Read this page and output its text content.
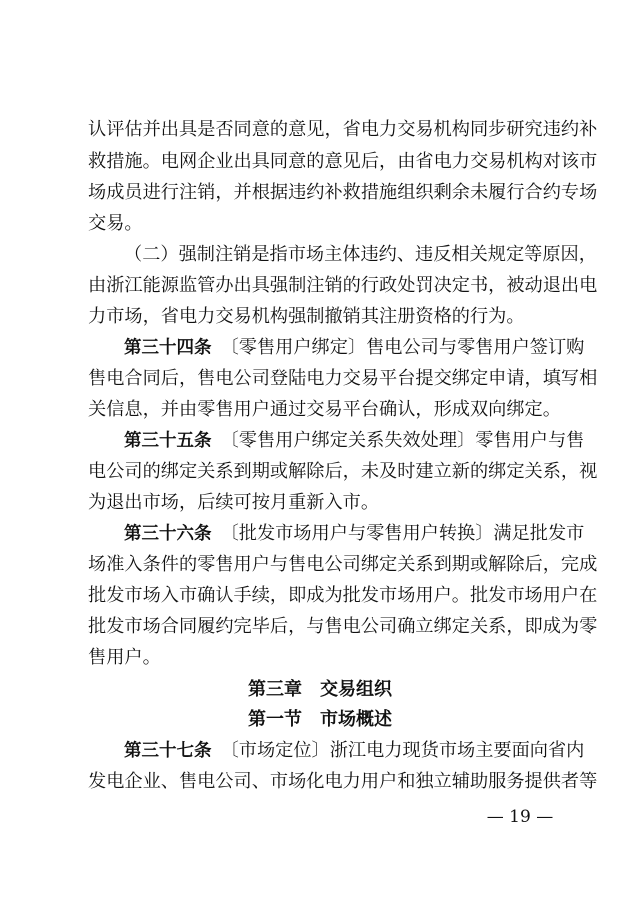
认评估并出具是否同意的意见，省电力交易机构同步研究违约补
救措施。电网企业出具同意的意见后，由省电力交易机构对该市
场成员进行注销，并根据违约补救措施组织剩余未履行合约专场
交易。
（二）强制注销是指市场主体违约、违反相关规定等原因，
由浙江能源监管办出具强制注销的行政处罚决定书，被动退出电
力市场，省电力交易机构强制撤销其注册资格的行为。
第三十四条　 〔零售用户绑定〕售电公司与零售用户签订购
售电合同后，售电公司登陆电力交易平台提交绑定申请，填写相
关信息，并由零售用户通过交易平台确认，形成双向绑定。
第三十五条　 〔零售用户绑定关系失效处理〕零售用户与售
电公司的绑定关系到期或解除后，未及时建立新的绑定关系，视
为退出市场，后续可按月重新入市。
第三十六条　 〔批发市场用户与零售用户转换〕满足批发市
场准入条件的零售用户与售电公司绑定关系到期或解除后，完成
批发市场入市确认手续，即成为批发市场用户。批发市场用户在
批发市场合同履约完毕后，与售电公司确立绑定关系，即成为零
售用户。
第三章　交易组织
第一节　市场概述
第三十七条　 〔市场定位〕浙江电力现货市场主要面向省内
发电企业、售电公司、市场化电力用户和独立辅助服务提供者等
— 19 —
